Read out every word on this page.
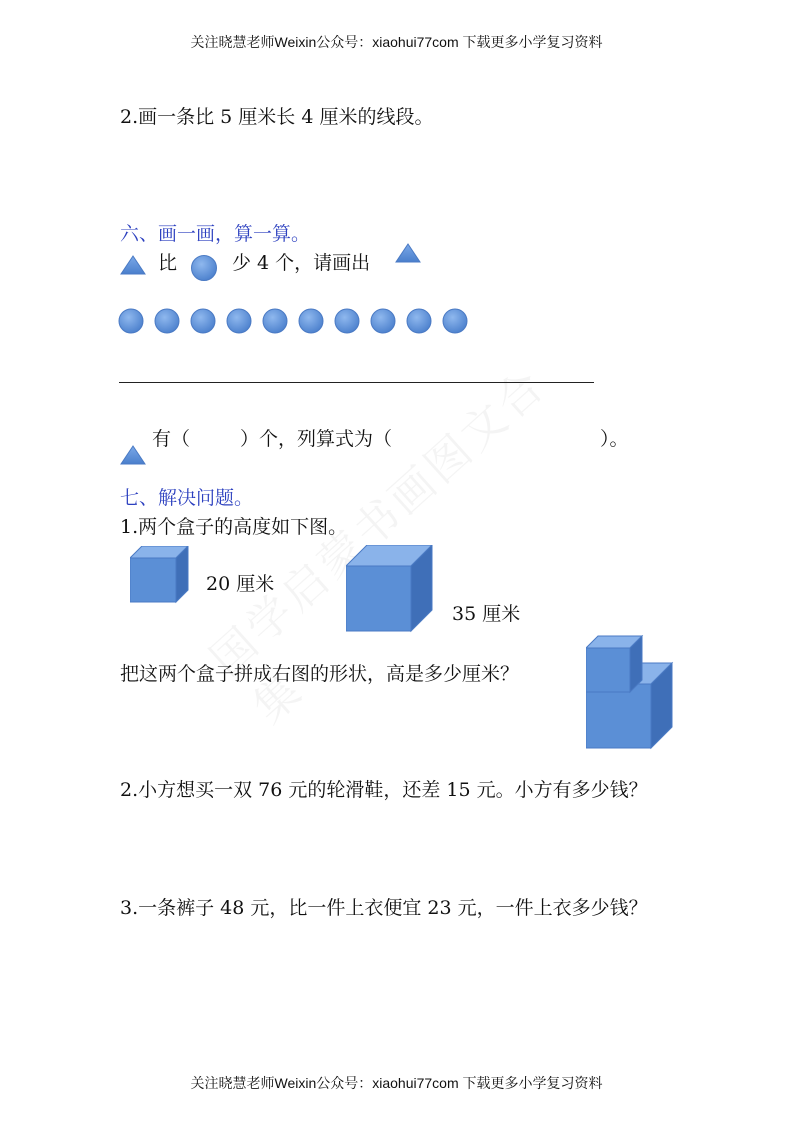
关注晓慧老师Weixin公众号：xiaohui77com 下载更多小学复习资料
2.画一条比 5 厘米长 4 厘米的线段。
六、画一画，算一算。
比	少 4 个，请画出
有（	）个，列算式为（	）。
七、解决问题。
1.两个盒子的高度如下图。
20 厘米
35 厘米
把这两个盒子拼成右图的形状，高是多少厘米？
2.小方想买一双 76 元的轮滑鞋，还差 15 元。小方有多少钱？
3.一条裤子 48 元，比一件上衣便宜 23 元，一件上衣多少钱？
关注晓慧老师Weixin公众号：xiaohui77com 下载更多小学复习资料
